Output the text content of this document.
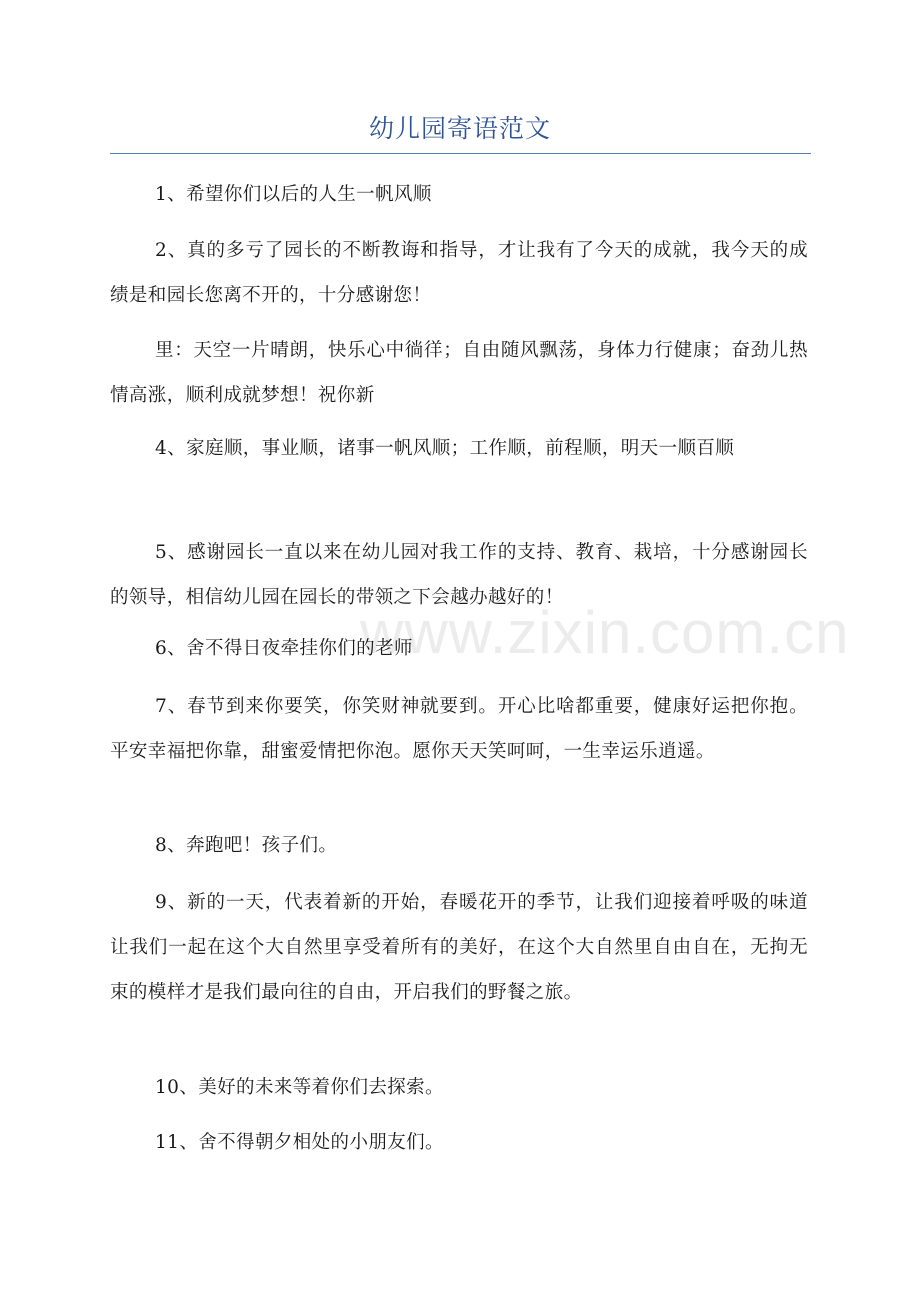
www.zixin.com.cn
幼儿园寄语范文

1、希望你们以后的人生一帆风顺

2、真的多亏了园长的不断教诲和指导，才让我有了今天的成就，我今天的成绩是和园长您离不开的，十分感谢您！

里：天空一片晴朗，快乐心中徜徉；自由随风飘荡，身体力行健康；奋劲儿热情高涨，顺利成就梦想！祝你新

4、家庭顺，事业顺，诸事一帆风顺；工作顺，前程顺，明天一顺百顺

5、感谢园长一直以来在幼儿园对我工作的支持、教育、栽培，十分感谢园长的领导，相信幼儿园在园长的带领之下会越办越好的！

6、舍不得日夜牵挂你们的老师

7、春节到来你要笑，你笑财神就要到。开心比啥都重要，健康好运把你抱。平安幸福把你靠，甜蜜爱情把你泡。愿你天天笑呵呵，一生幸运乐逍遥。

8、奔跑吧！孩子们。

9、新的一天，代表着新的开始，春暖花开的季节，让我们迎接着呼吸的味道让我们一起在这个大自然里享受着所有的美好，在这个大自然里自由自在，无拘无束的模样才是我们最向往的自由，开启我们的野餐之旅。

10、美好的未来等着你们去探索。

11、舍不得朝夕相处的小朋友们。
